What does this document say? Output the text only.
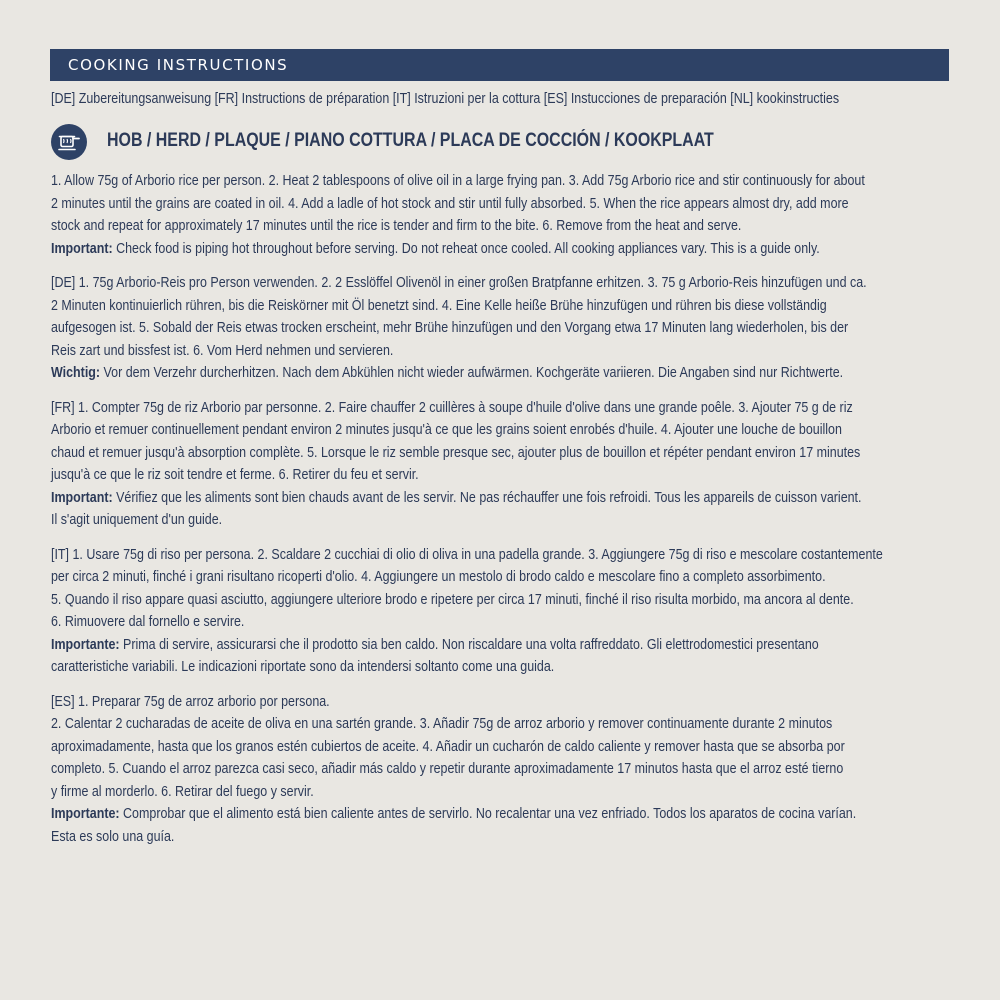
COOKING INSTRUCTIONS
[DE] Zubereitungsanweisung [FR] Instructions de préparation [IT] Istruzioni per la cottura [ES] Instucciones de preparación [NL] kookinstructies
HOB / HERD / PLAQUE / PIANO COTTURA / PLACA DE COCCIÓN / KOOKPLAAT
1. Allow 75g of Arborio rice per person. 2. Heat 2 tablespoons of olive oil in a large frying pan. 3. Add 75g Arborio rice and stir continuously for about
2 minutes until the grains are coated in oil. 4. Add a ladle of hot stock and stir until fully absorbed. 5. When the rice appears almost dry, add more
stock and repeat for approximately 17 minutes until the rice is tender and firm to the bite. 6. Remove from the heat and serve.
Important: Check food is piping hot throughout before serving. Do not reheat once cooled. All cooking appliances vary. This is a guide only.
[DE] 1. 75g Arborio-Reis pro Person verwenden. 2. 2 Esslöffel Olivenöl in einer großen Bratpfanne erhitzen. 3. 75 g Arborio-Reis hinzufügen und ca.
2 Minuten kontinuierlich rühren, bis die Reiskörner mit Öl benetzt sind. 4. Eine Kelle heiße Brühe hinzufügen und rühren bis diese vollständig
aufgesogen ist. 5. Sobald der Reis etwas trocken erscheint, mehr Brühe hinzufügen und den Vorgang etwa 17 Minuten lang wiederholen, bis der
Reis zart und bissfest ist. 6. Vom Herd nehmen und servieren.
Wichtig: Vor dem Verzehr durcherhitzen. Nach dem Abkühlen nicht wieder aufwärmen. Kochgeräte variieren. Die Angaben sind nur Richtwerte.
[FR] 1. Compter 75g de riz Arborio par personne. 2. Faire chauffer 2 cuillères à soupe d'huile d'olive dans une grande poêle. 3. Ajouter 75 g de riz
Arborio et remuer continuellement pendant environ 2 minutes jusqu'à ce que les grains soient enrobés d'huile. 4. Ajouter une louche de bouillon
chaud et remuer jusqu'à absorption complète. 5. Lorsque le riz semble presque sec, ajouter plus de bouillon et répéter pendant environ 17 minutes
jusqu'à ce que le riz soit tendre et ferme. 6. Retirer du feu et servir.
Important: Vérifiez que les aliments sont bien chauds avant de les servir. Ne pas réchauffer une fois refroidi. Tous les appareils de cuisson varient.
Il s'agit uniquement d'un guide.
[IT] 1. Usare 75g di riso per persona. 2. Scaldare 2 cucchiai di olio di oliva in una padella grande. 3. Aggiungere 75g di riso e mescolare costantemente
per circa 2 minuti, finché i grani risultano ricoperti d'olio. 4. Aggiungere un mestolo di brodo caldo e mescolare fino a completo assorbimento.
5. Quando il riso appare quasi asciutto, aggiungere ulteriore brodo e ripetere per circa 17 minuti, finché il riso risulta morbido, ma ancora al dente.
6. Rimuovere dal fornello e servire.
Importante: Prima di servire, assicurarsi che il prodotto sia ben caldo. Non riscaldare una volta raffreddato. Gli elettrodomestici presentano
caratteristiche variabili. Le indicazioni riportate sono da intendersi soltanto come una guida.
[ES] 1. Preparar 75g de arroz arborio por persona.
2. Calentar 2 cucharadas de aceite de oliva en una sartén grande. 3. Añadir 75g de arroz arborio y remover continuamente durante 2 minutos
aproximadamente, hasta que los granos estén cubiertos de aceite. 4. Añadir un cucharón de caldo caliente y remover hasta que se absorba por
completo. 5. Cuando el arroz parezca casi seco, añadir más caldo y repetir durante aproximadamente 17 minutos hasta que el arroz esté tierno
y firme al morderlo. 6. Retirar del fuego y servir.
Importante: Comprobar que el alimento está bien caliente antes de servirlo. No recalentar una vez enfriado. Todos los aparatos de cocina varían.
Esta es solo una guía.
